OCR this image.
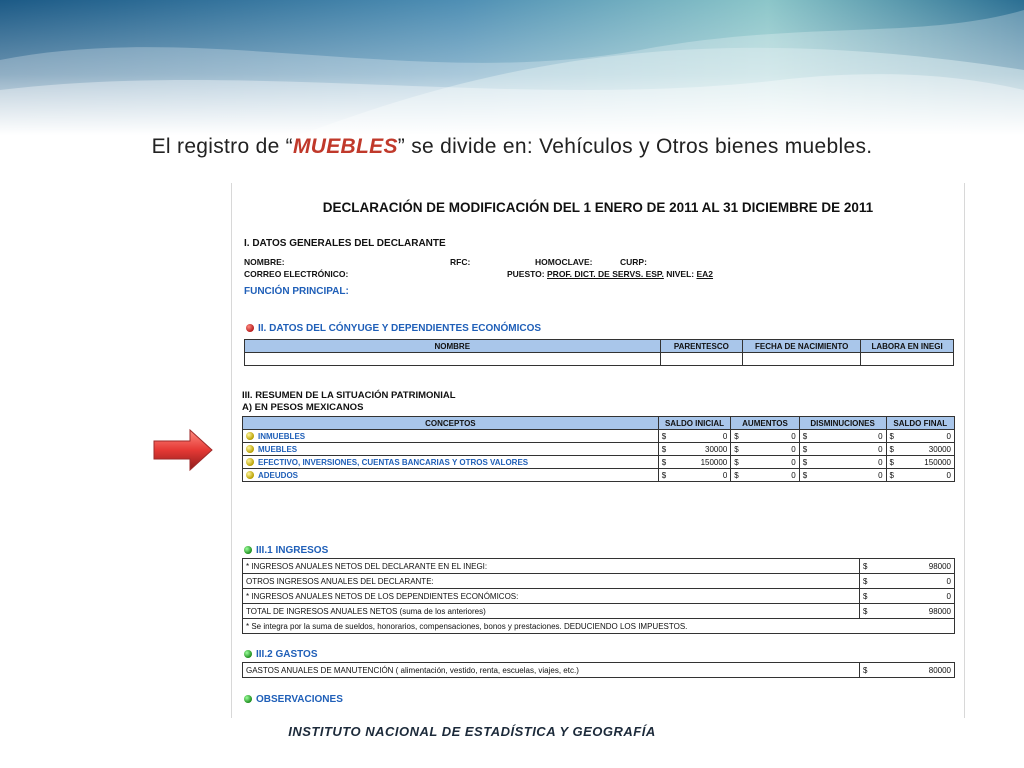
El registro de “MUEBLES” se divide en: Vehículos y Otros bienes muebles.
DECLARACIÓN DE MODIFICACIÓN DEL 1 ENERO DE 2011 AL 31 DICIEMBRE DE 2011
I. DATOS GENERALES DEL DECLARANTE
NOMBRE:	RFC:	HOMOCLAVE:	CURP:
CORREO ELECTRÓNICO:	PUESTO: PROF. DICT. DE SERVS. ESP. NIVEL: EA2
FUNCIÓN PRINCIPAL:
II. DATOS DEL CÓNYUGE Y DEPENDIENTES ECONÓMICOS
NOMBRE	PARENTESCO	FECHA DE NACIMIENTO	LABORA EN INEGI

III. RESUMEN DE LA SITUACIÓN PATRIMONIAL
A) EN PESOS MEXICANOS
CONCEPTOS	SALDO INICIAL	AUMENTOS	DISMINUCIONES	SALDO FINAL
INMUEBLES	$ 0	$ 0	$ 0	$ 0

MUEBLES	$ 30000	$ 0	$ 0	$ 30000

EFECTIVO, INVERSIONES, CUENTAS BANCARIAS Y OTROS VALORES	$ 150000	$ 0	$ 0	$ 150000

ADEUDOS	$ 0	$ 0	$ 0	$ 0
III.1 INGRESOS
* INGRESOS ANUALES NETOS DEL DECLARANTE EN EL INEGI:	$ 98000

OTROS INGRESOS ANUALES DEL DECLARANTE:	$ 0

* INGRESOS ANUALES NETOS DE LOS DEPENDIENTES ECONÓMICOS:	$ 0

TOTAL DE INGRESOS ANUALES NETOS (suma de los anteriores)	$ 98000

* Se integra por la suma de sueldos, honorarios, compensaciones, bonos y prestaciones. DEDUCIENDO LOS IMPUESTOS.	
III.2 GASTOS
GASTOS ANUALES DE MANUTENCIÓN ( alimentación, vestido, renta, escuelas, viajes, etc.)	$	80000
OBSERVACIONES
INSTITUTO NACIONAL DE ESTADÍSTICA Y GEOGRAFÍA
